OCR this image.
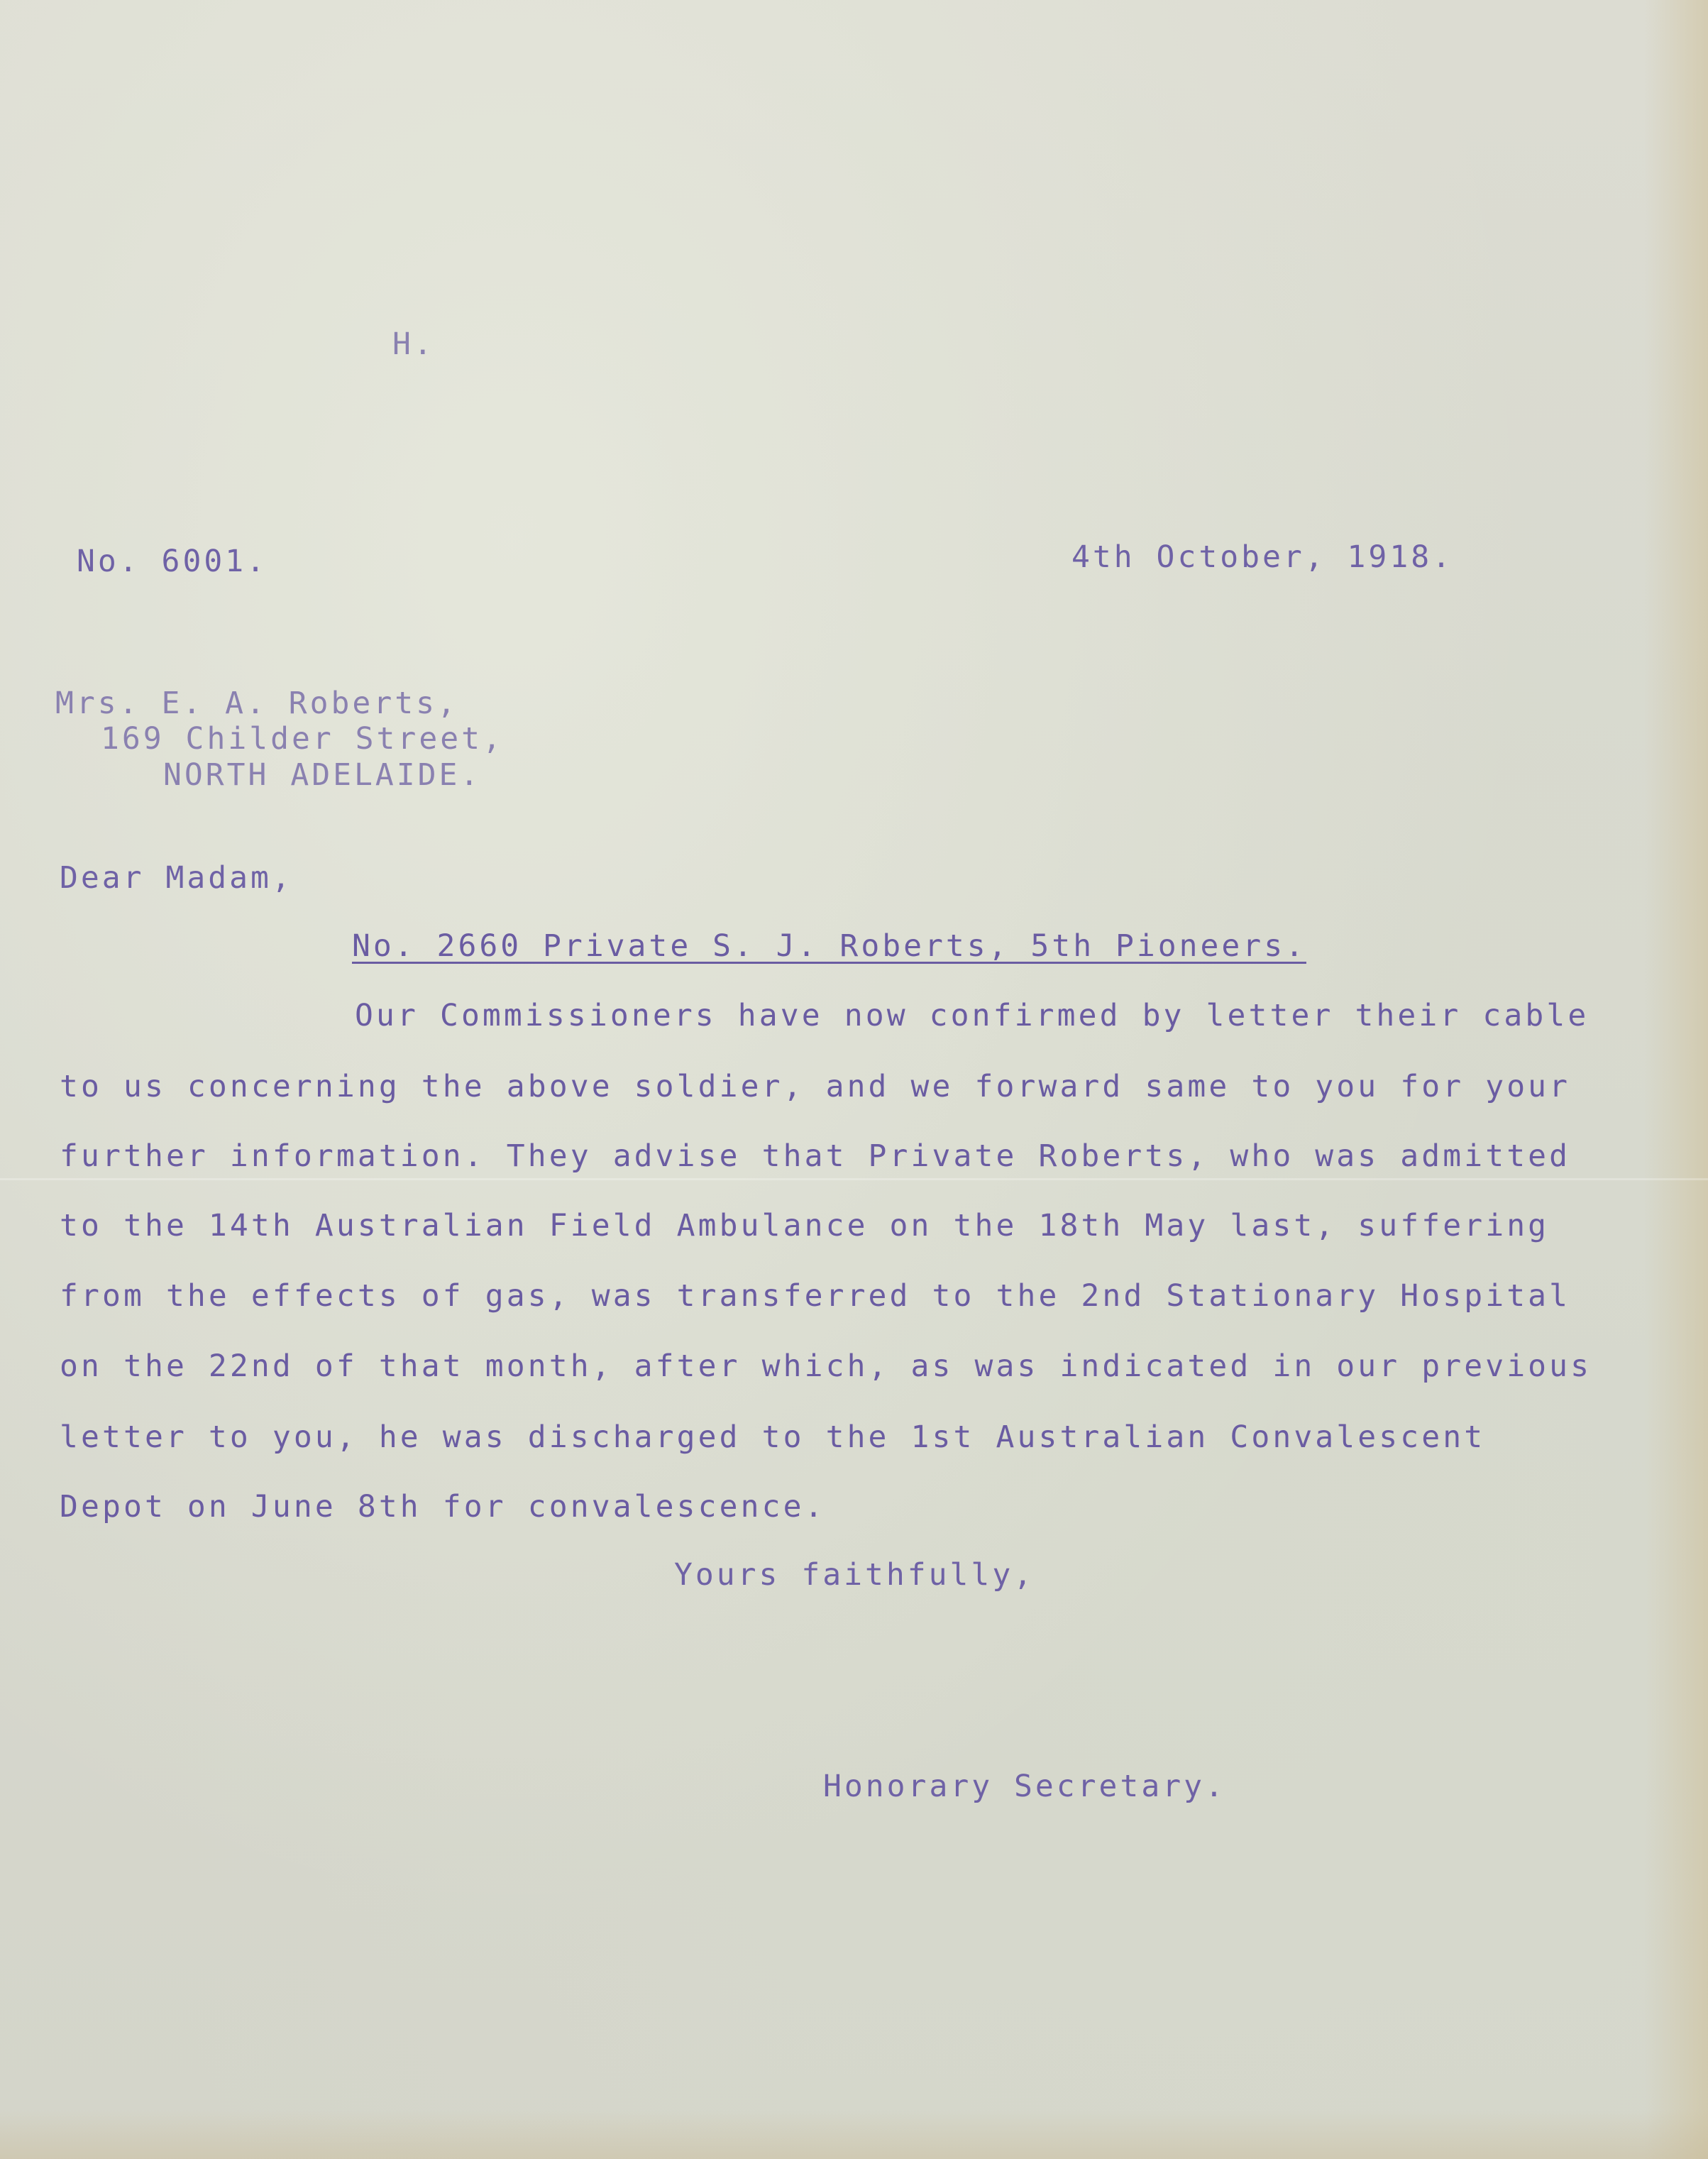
H.
No. 6001.	4th October, 1918.
Mrs. E. A. Roberts,
169 Childer Street,
NORTH ADELAIDE.
Dear Madam,
No. 2660 Private S. J. Roberts, 5th Pioneers.
Our Commissioners have now confirmed by letter their cable
to us concerning the above soldier, and we forward same to you for your
further information. They advise that Private Roberts, who was admitted
to the 14th Australian Field Ambulance on the 18th May last, suffering
from the effects of gas, was transferred to the 2nd Stationary Hospital
on the 22nd of that month, after which, as was indicated in our previous
letter to you, he was discharged to the 1st Australian Convalescent
Depot on June 8th for convalescence.
Yours faithfully,
Honorary Secretary.
